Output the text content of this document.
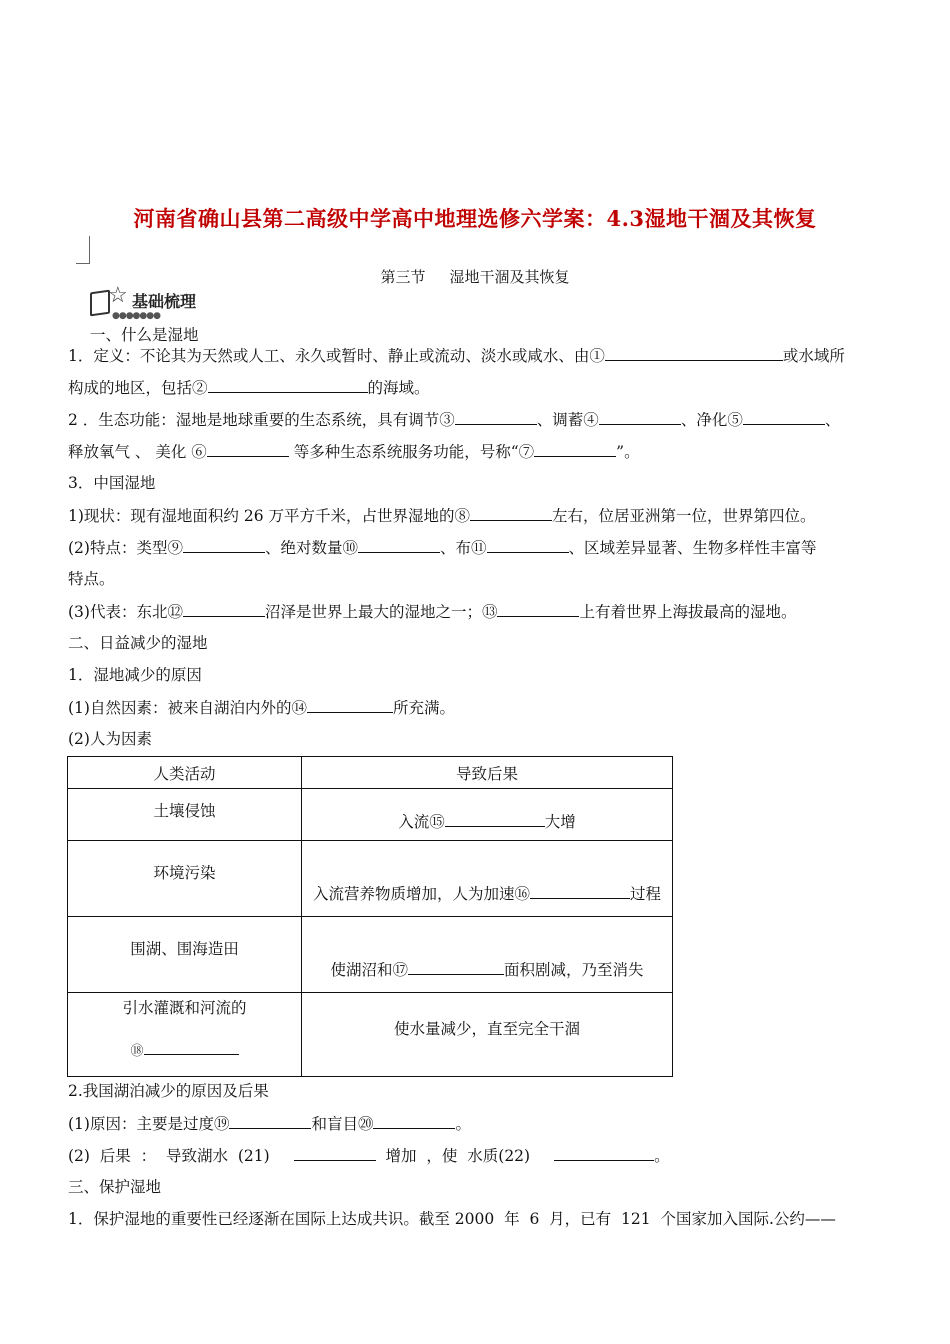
河南省确山县第二高级中学高中地理选修六学案：4.3湿地干涸及其恢复
第三节 湿地干涸及其恢复
☆ 基础梳理
●●●●●●●
一、什么是湿地
1．定义：不论其为天然或人工、永久或暂时、静止或流动、淡水或咸水、由①	或水域所
构成的地区，包括②	的海域。
2 ．生态功能：湿地是地球重要的生态系统，具有调节③	、调蓄④	、净化⑤	、
释放氧气 、 美化 ⑥	等多种生态系统服务功能，号称“⑦	”。
3．中国湿地
1)现状：现有湿地面积约 26 万平方千米，占世界湿地的⑧	左右，位居亚洲第一位，世界第四位。
(2)特点：类型⑨	、绝对数量⑩	、布⑪	、区域差异显著、生物多样性丰富等
特点。
(3)代表：东北⑫	沼泽是世界上最大的湿地之一；⑬	上有着世界上海拔最高的湿地。
二、日益减少的湿地
1．湿地减少的原因
(1)自然因素：被来自湖泊内外的⑭	所充满。
(2)人为因素
人类活动	导致后果
土壤侵蚀	入流⑮ 大增
环境污染	入流营养物质增加，人为加速⑯ 过程
围湖、围海造田	使湖沼和⑰ 面积剧减，乃至消失

引水灌溉和河流的
⑱	使水量减少，直至完全干涸
2.我国湖泊减少的原因及后果
(1)原因：主要是过度⑲	和盲目⑳	。
(2)  后果  ：  导致湖水  (21)	增加  ，使  水质(22)	。
三、保护湿地
1．保护湿地的重要性已经逐渐在国际上达成共识。截至 2000  年  6  月，已有  121  个国家加入国际.公约——
